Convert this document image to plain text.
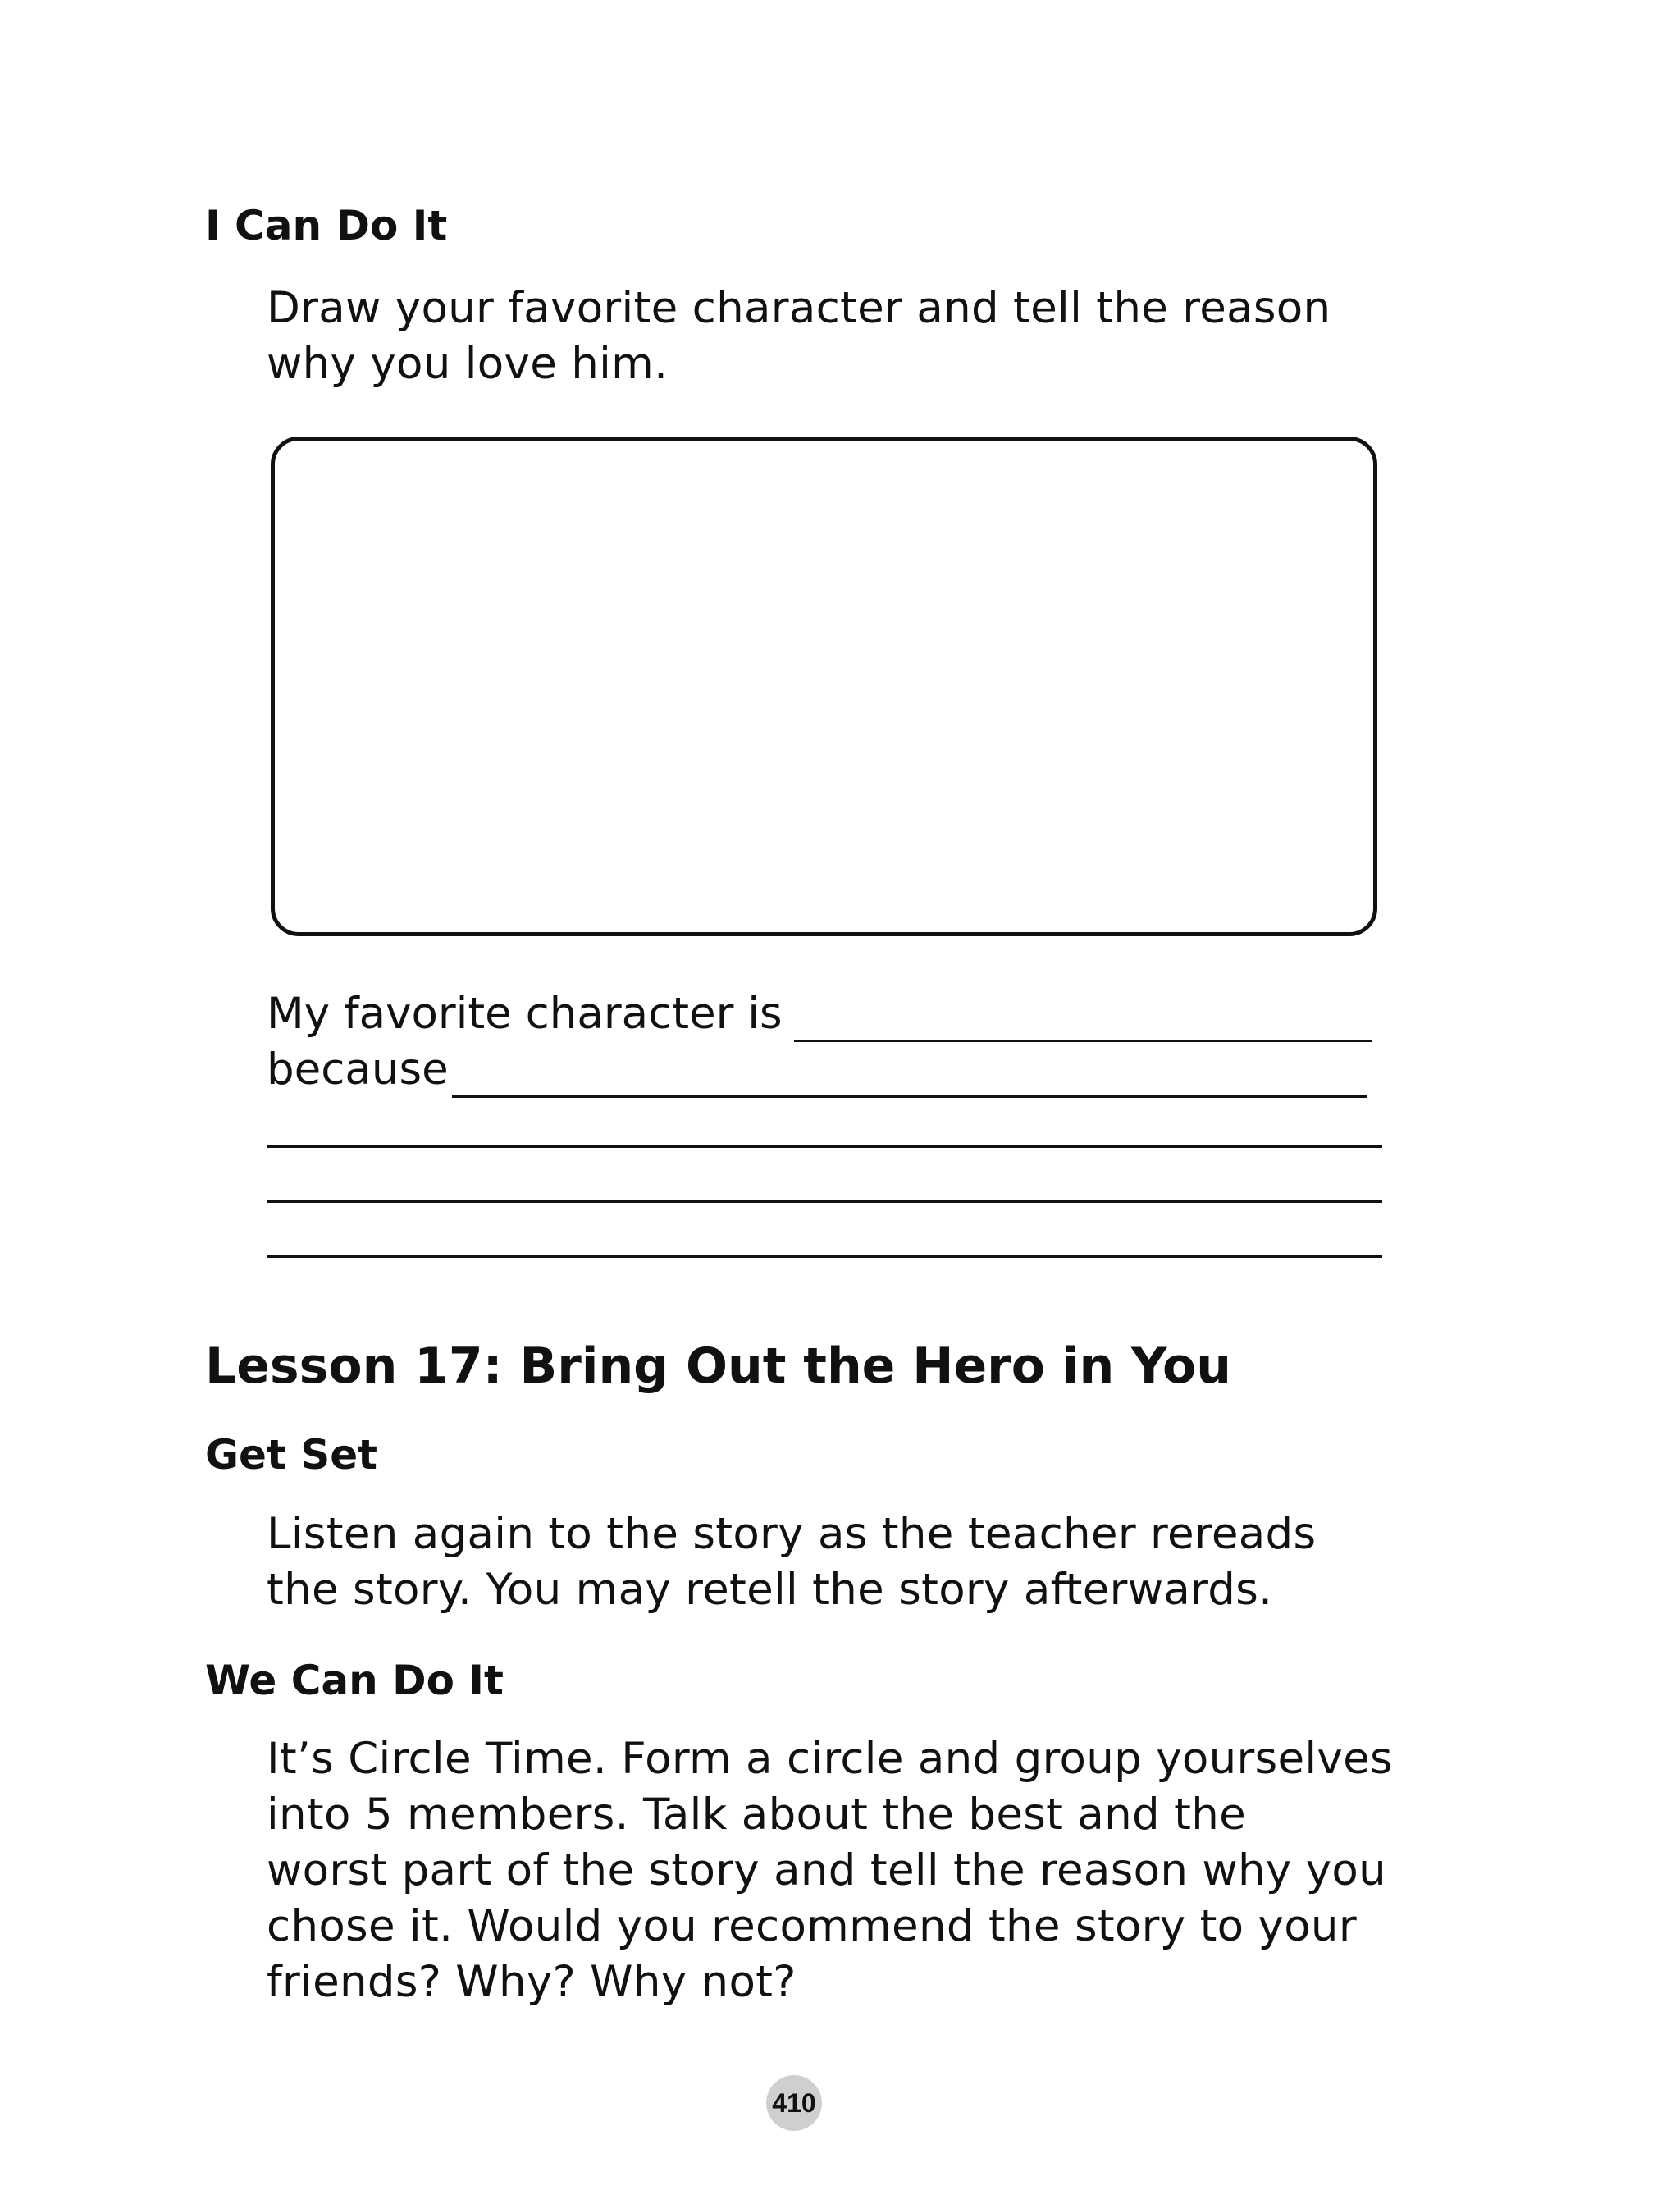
I Can Do It
Draw your favorite character and tell the reason
why you love him.
My favorite character is
because
Lesson 17: Bring Out the Hero in You
Get Set
Listen again to the story as the teacher rereads
the story. You may retell the story afterwards.
We Can Do It
It’s Circle Time. Form a circle and group yourselves
into 5 members. Talk about the best and the
worst part of the story and tell the reason why you
chose it. Would you recommend the story to your
friends? Why? Why not?
410
